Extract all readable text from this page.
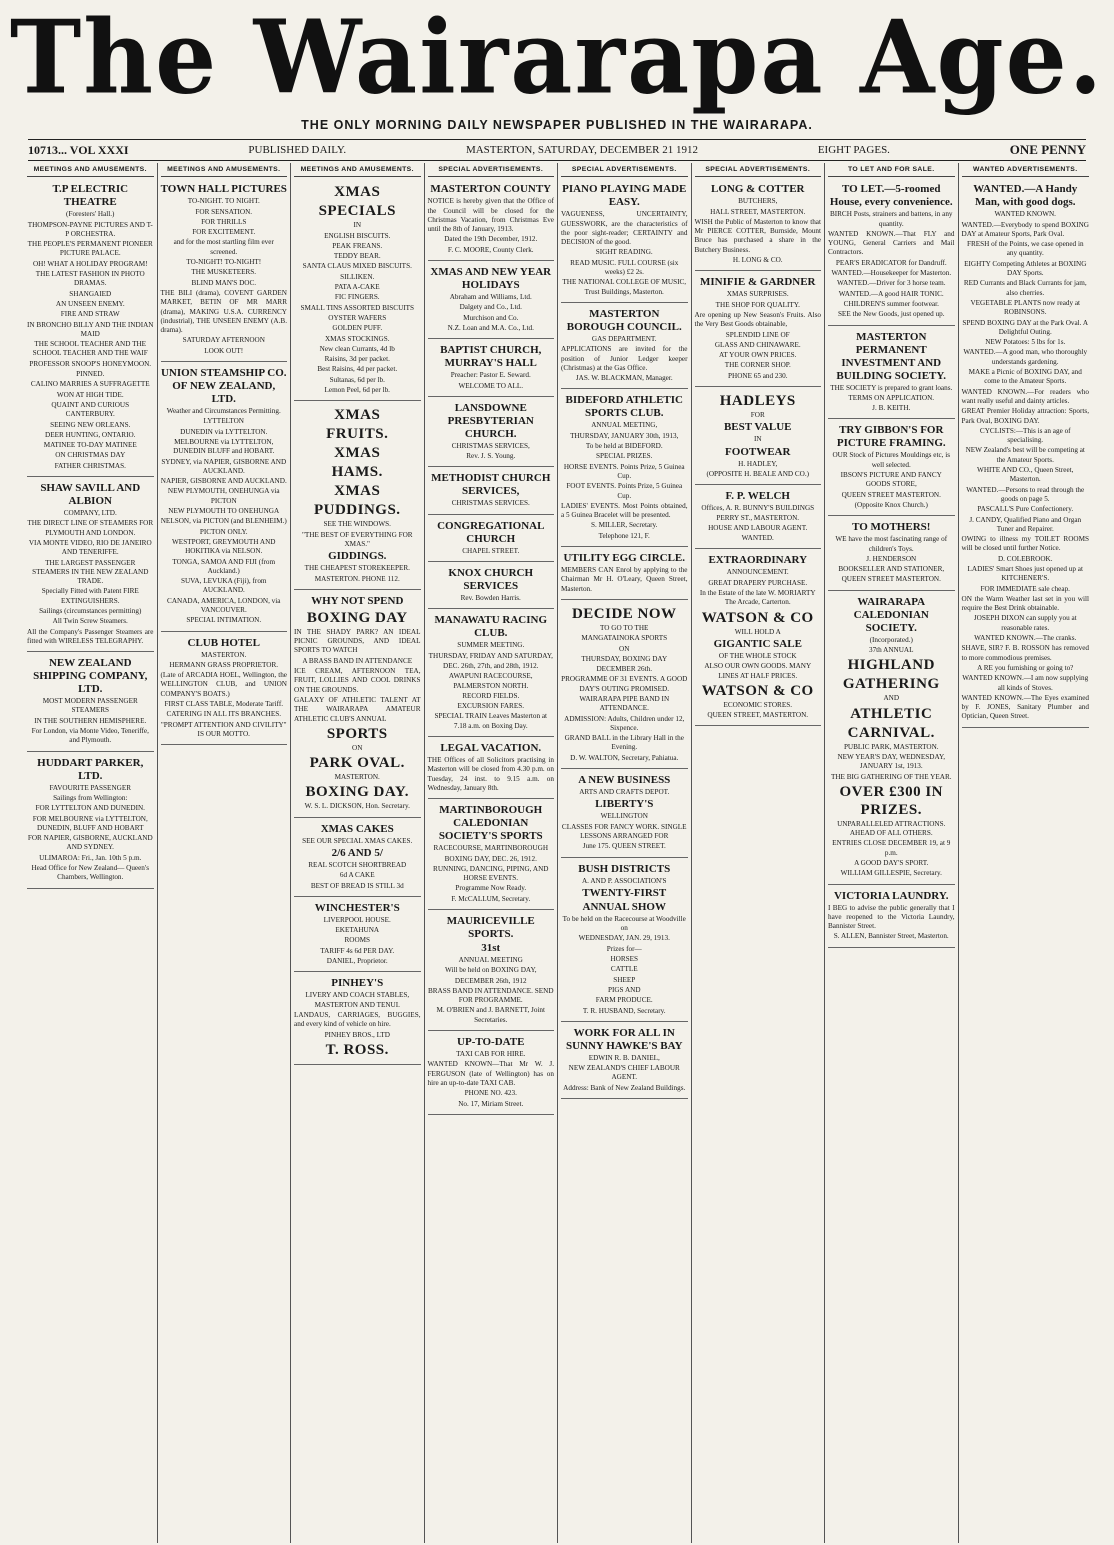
The Wairarapa Age.
THE ONLY MORNING DAILY NEWSPAPER PUBLISHED IN THE WAIRARAPA.
10713... VOL XXXI	PUBLISHED DAILY.	MASTERTON, SATURDAY, DECEMBER 21 1912	EIGHT PAGES.	ONE PENNY
MEETINGS AND AMUSEMENTS.

T.P ELECTRIC THEATRE

(Foresters' Hall.)

THOMPSON-PAYNE PICTURES AND T-P ORCHESTRA.

THE PEOPLE'S PERMANENT PIONEER PICTURE PALACE.

OH! WHAT A HOLIDAY PROGRAM!

THE LATEST FASHION IN PHOTO DRAMAS.

SHANGAIED

AN UNSEEN ENEMY.

FIRE AND STRAW

IN BRONCHO BILLY AND THE INDIAN MAID

THE SCHOOL TEACHER AND THE SCHOOL TEACHER AND THE WAIF

PROFESSOR SNOOP'S HONEYMOON.

PINNED.

CALINO MARRIES A SUFFRAGETTE

WON AT HIGH TIDE.

QUAINT AND CURIOUS CANTERBURY.

SEEING NEW ORLEANS.

DEER HUNTING, ONTARIO.

MATINEE TO-DAY MATINEE

ON CHRISTMAS DAY

FATHER CHRISTMAS.

SHAW SAVILL AND ALBION

COMPANY, LTD.

THE DIRECT LINE OF STEAMERS FOR PLYMOUTH AND LONDON.

VIA MONTE VIDEO, RIO DE JANEIRO AND TENERIFFE.

THE LARGEST PASSENGER STEAMERS IN THE NEW ZEALAND TRADE.

Specially Fitted with Patent FIRE EXTINGUISHERS.

Sailings (circumstances permitting)

All Twin Screw Steamers.

All the Company's Passenger Steamers are fitted with WIRELESS TELEGRAPHY.

NEW ZEALAND SHIPPING COMPANY, LTD.

MOST MODERN PASSENGER STEAMERS

IN THE SOUTHERN HEMISPHERE.

For London, via Monte Video, Teneriffe, and Plymouth.

HUDDART PARKER, LTD.

FAVOURITE PASSENGER

Sailings from Wellington:

FOR LYTTELTON AND DUNEDIN.

FOR MELBOURNE via LYTTELTON, DUNEDIN, BLUFF AND HOBART

FOR NAPIER, GISBORNE, AUCKLAND AND SYDNEY.

ULIMAROA: Fri., Jan. 10th 5 p.m.

Head Office for New Zealand— Queen's Chambers, Wellington.

MEETINGS AND AMUSEMENTS.

TOWN HALL PICTURES

TO-NIGHT. TO NIGHT.

FOR SENSATION.

FOR THRILLS

FOR EXCITEMENT.

and for the most startling film ever screened.

TO-NIGHT! TO-NIGHT!

THE MUSKETEERS.

BLIND MAN'S DOC.

THE BILI (drama), COVENT GARDEN MARKET, BETIN OF MR MARR (drama), MAKING U.S.A. CURRENCY (industrial), THE UNSEEN ENEMY (A.B. drama).

SATURDAY AFTERNOON

LOOK OUT!

UNION STEAMSHIP CO. OF NEW ZEALAND, LTD.

Weather and Circumstances Permitting.

LYTTELTON

DUNEDIN via LYTTELTON.

MELBOURNE via LYTTELTON, DUNEDIN BLUFF and HOBART.

SYDNEY, via NAPIER, GISBORNE AND AUCKLAND.

NAPIER, GISBORNE AND AUCKLAND.

NEW PLYMOUTH, ONEHUNGA via PICTON

NEW PLYMOUTH TO ONEHUNGA

NELSON, via PICTON (and BLENHEIM.)

PICTON ONLY.

WESTPORT, GREYMOUTH AND HOKITIKA via NELSON.

TONGA, SAMOA AND FIJI (from Auckland.)

SUVA, LEVUKA (Fiji), from AUCKLAND.

CANADA, AMERICA, LONDON, via VANCOUVER.

SPECIAL INTIMATION.

CLUB HOTEL

MASTERTON.

HERMANN GRASS PROPRIETOR.

(Late of ARCADIA HOEL, Wellington, the WELLINGTON CLUB, and UNION COMPANY'S BOATS.)

FIRST CLASS TABLE, Moderate Tariff.

CATERING IN ALL ITS BRANCHES.

"PROMPT ATTENTION AND CIVILITY" IS OUR MOTTO.

MEETINGS AND AMUSEMENTS.

XMAS

SPECIALS

IN

ENGLISH BISCUITS.

PEAK FREANS.

TEDDY BEAR.

SANTA CLAUS MIXED BISCUITS.

SILLIKEN.

PATA A-CAKE

FIC FINGERS.

SMALL TINS ASSORTED BISCUITS

OYSTER WAFERS

GOLDEN PUFF.

XMAS STOCKINGS.

New clean Currants, 4d lb

Raisins, 3d per packet.

Best Raisins, 4d per packet.

Sultanas, 6d per lb.

Lemon Peel, 6d per lb.

XMAS

FRUITS.

XMAS

HAMS.

XMAS

PUDDINGS.

SEE THE WINDOWS.

"THE BEST OF EVERYTHING FOR XMAS."

GIDDINGS.

THE CHEAPEST STOREKEEPER.

MASTERTON. PHONE 112.

WHY NOT SPEND

BOXING DAY

IN THE SHADY PARK? AN IDEAL PICNIC GROUNDS, AND IDEAL SPORTS TO WATCH

A BRASS BAND IN ATTENDANCE

ICE CREAM, AFTERNOON TEA, FRUIT, LOLLIES AND COOL DRINKS ON THE GROUNDS.

GALAXY OF ATHLETIC TALENT AT THE WAIRARAPA AMATEUR ATHLETIC CLUB'S ANNUAL

SPORTS

ON

PARK OVAL.

MASTERTON.

BOXING DAY.

W. S. L. DICKSON, Hon. Secretary.

XMAS CAKES

SEE OUR SPECIAL XMAS CAKES.

2/6 AND 5/

REAL SCOTCH SHORTBREAD

6d A CAKE

BEST OF BREAD IS STILL 3d

WINCHESTER'S

LIVERPOOL HOUSE.

EKETAHUNA

ROOMS

TARIFF 4s 6d PER DAY.

DANIEL, Proprietor.

PINHEY'S

LIVERY AND COACH STABLES, MASTERTON AND TENUI.

LANDAUS, CARRIAGES, BUGGIES, and every kind of vehicle on hire.

PINHEY BROS., LTD

T. ROSS.

SPECIAL ADVERTISEMENTS.

MASTERTON COUNTY

NOTICE is hereby given that the Office of the Council will be closed for the Christmas Vacation, from Christmas Eve until the 8th of January, 1913.

Dated the 19th December, 1912.

F. C. MOORE, County Clerk.

XMAS AND NEW YEAR HOLIDAYS

Abraham and Williams, Ltd.

Dalgety and Co., Ltd.

Murchison and Co.

N.Z. Loan and M.A. Co., Ltd.

BAPTIST CHURCH, MURRAY'S HALL

Preacher: Pastor E. Seward.

WELCOME TO ALL.

LANSDOWNE PRESBYTERIAN CHURCH.

CHRISTMAS SERVICES,

Rev. J. S. Young.

METHODIST CHURCH SERVICES,

CHRISTMAS SERVICES.

CONGREGATIONAL CHURCH

CHAPEL STREET.

KNOX CHURCH SERVICES

Rev. Bowden Harris.

MANAWATU RACING CLUB.

SUMMER MEETING.

THURSDAY, FRIDAY AND SATURDAY,

DEC. 26th, 27th, and 28th, 1912.

AWAPUNI RACECOURSE, PALMERSTON NORTH.

RECORD FIELDS.

EXCURSION FARES.

SPECIAL TRAIN Leaves Masterton at 7.18 a.m. on Boxing Day.

LEGAL VACATION.

THE Offices of all Solicitors practising in Masterton will be closed from 4.30 p.m. on Tuesday, 24 inst. to 9.15 a.m. on Wednesday, January 8th.

MARTINBOROUGH CALEDONIAN SOCIETY'S SPORTS

RACECOURSE, MARTINBOROUGH

BOXING DAY, DEC. 26, 1912.

RUNNING, DANCING, PIPING, AND HORSE EVENTS.

Programme Now Ready.

F. McCALLUM, Secretary.

MAURICEVILLE SPORTS.

31st

ANNUAL MEETING

Will be held on BOXING DAY,

DECEMBER 26th, 1912

BRASS BAND IN ATTENDANCE. SEND FOR PROGRAMME.

M. O'BRIEN and J. BARNETT, Joint Secretaries.

UP-TO-DATE

TAXI CAB FOR HIRE.

WANTED KNOWN—That Mr W. J. FERGUSON (late of Wellington) has on hire an up-to-date TAXI CAB.

PHONE NO. 423.

No. 17, Miriam Street.

SPECIAL ADVERTISEMENTS.

PIANO PLAYING MADE EASY.

VAGUENESS, UNCERTAINTY, GUESSWORK, are the characteristics of the poor sight-reader; CERTAINTY and DECISION of the good.

SIGHT READING.

READ MUSIC. FULL COURSE (six weeks) £2 2s.

THE NATIONAL COLLEGE OF MUSIC, Trust Buildings, Masterton.

MASTERTON BOROUGH COUNCIL.

GAS DEPARTMENT.

APPLICATIONS are invited for the position of Junior Ledger keeper (Christmas) at the Gas Office.

JAS. W. BLACKMAN, Manager.

BIDEFORD ATHLETIC SPORTS CLUB.

ANNUAL MEETING,

THURSDAY, JANUARY 30th, 1913,

To be held at BIDEFORD.

SPECIAL PRIZES.

HORSE EVENTS. Points Prize, 5 Guinea Cup.

FOOT EVENTS. Points Prize, 5 Guinea Cup.

LADIES' EVENTS. Most Points obtained, a 5 Guinea Bracelet will be presented.

S. MILLER, Secretary.

Telephone 121, F.

UTILITY EGG CIRCLE.

MEMBERS CAN Enrol by applying to the Chairman Mr H. O'Leary, Queen Street, Masterton.

DECIDE NOW

TO GO TO THE

MANGATAINOKA SPORTS

ON

THURSDAY, BOXING DAY

DECEMBER 26th.

PROGRAMME OF 31 EVENTS. A GOOD DAY'S OUTING PROMISED.

WAIRARAPA PIPE BAND IN ATTENDANCE.

ADMISSION: Adults, Children under 12, Sixpence.

GRAND BALL in the Library Hall in the Evening.

D. W. WALTON, Secretary, Pahiatua.

A NEW BUSINESS

ARTS AND CRAFTS DEPOT.

LIBERTY'S

WELLINGTON

CLASSES FOR FANCY WORK. SINGLE LESSONS ARRANGED FOR

June 175. QUEEN STREET.

BUSH DISTRICTS

A. AND P. ASSOCIATION'S

TWENTY-FIRST

ANNUAL SHOW

To be held on the Racecourse at Woodville on

WEDNESDAY, JAN. 29, 1913.

Prizes for—

HORSES

CATTLE

SHEEP

PIGS AND

FARM PRODUCE.

T. R. HUSBAND, Secretary.

WORK FOR ALL IN SUNNY HAWKE'S BAY

EDWIN R. B. DANIEL,

NEW ZEALAND'S CHIEF LABOUR AGENT.

Address: Bank of New Zealand Buildings.

SPECIAL ADVERTISEMENTS.

LONG & COTTER

BUTCHERS,

HALL STREET, MASTERTON.

WISH the Public of Masterton to know that Mr PIERCE COTTER, Burnside, Mount Bruce has purchased a share in the Butchery Business.

H. LONG & CO.

MINIFIE & GARDNER

XMAS SURPRISES.

THE SHOP FOR QUALITY.

Are opening up New Season's Fruits. Also the Very Best Goods obtainable,

SPLENDID LINE OF

GLASS AND CHINAWARE.

AT YOUR OWN PRICES.

THE CORNER SHOP.

PHONE 65 and 230.

HADLEYS

FOR

BEST VALUE

IN

FOOTWEAR

H. HADLEY,

(OPPOSITE H. BEALE AND CO.)

F. P. WELCH

Offices, A. R. BUNNY'S BUILDINGS PERRY ST., MASTERTON.

HOUSE AND LABOUR AGENT.

WANTED.

EXTRAORDINARY

ANNOUNCEMENT.

GREAT DRAPERY PURCHASE.

In the Estate of the late W. MORIARTY The Arcade, Carterton.

WATSON & CO

WILL HOLD A

GIGANTIC SALE

OF THE WHOLE STOCK

ALSO OUR OWN GOODS. MANY LINES AT HALF PRICES.

WATSON & CO

ECONOMIC STORES.

QUEEN STREET, MASTERTON.

TO LET AND FOR SALE.

TO LET.—5-roomed House, every convenience.

BIRCH Posts, strainers and battens, in any quantity.

WANTED KNOWN.—That FLY and YOUNG, General Carriers and Mail Contractors.

PEAR'S ERADICATOR for Dandruff.

WANTED.—Housekeeper for Masterton.

WANTED.—Driver for 3 horse team.

WANTED.—A good HAIR TONIC.

CHILDREN'S summer footwear.

SEE the New Goods, just opened up.

MASTERTON PERMANENT INVESTMENT AND BUILDING SOCIETY.

THE SOCIETY is prepared to grant loans.

TERMS ON APPLICATION.

J. B. KEITH.

TRY GIBBON'S FOR PICTURE FRAMING.

OUR Stock of Pictures Mouldings etc, is well selected.

IBSON'S PICTURE AND FANCY GOODS STORE,

QUEEN STREET MASTERTON.

(Opposite Knox Church.)

TO MOTHERS!

WE have the most fascinating range of children's Toys.

J. HENDERSON

BOOKSELLER AND STATIONER,

QUEEN STREET MASTERTON.

WAIRARAPA CALEDONIAN SOCIETY.

(Incorporated.)

37th ANNUAL

HIGHLAND

GATHERING

AND

ATHLETIC

CARNIVAL.

PUBLIC PARK, MASTERTON.

NEW YEAR'S DAY, WEDNESDAY, JANUARY 1st, 1913.

THE BIG GATHERING OF THE YEAR.

OVER £300 IN PRIZES.

UNPARALLELED ATTRACTIONS. AHEAD OF ALL OTHERS.

ENTRIES CLOSE DECEMBER 19, at 9 p.m.

A GOOD DAY'S SPORT.

WILLIAM GILLESPIE, Secretary.

VICTORIA LAUNDRY.

I BEG to advise the public generally that I have reopened to the Victoria Laundry, Bannister Street.

S. ALLEN, Bannister Street, Masterton.

WANTED ADVERTISEMENTS.

WANTED.—A Handy Man, with good dogs.

WANTED KNOWN.

WANTED.—Everybody to spend BOXING DAY at Amateur Sports, Park Oval.

FRESH of the Points, we case opened in any quantity.

EIGHTY Competing Athletes at BOXING DAY Sports.

RED Currants and Black Currants for jam, also cherries.

VEGETABLE PLANTS now ready at ROBINSONS.

SPEND BOXING DAY at the Park Oval. A Delightful Outing.

NEW Potatoes: 5 lbs for 1s.

WANTED.—A good man, who thoroughly understands gardening.

MAKE a Picnic of BOXING DAY, and come to the Amateur Sports.

WANTED KNOWN.—For readers who want really useful and dainty articles.

GREAT Premier Holiday attraction: Sports, Park Oval, BOXING DAY.

CYCLISTS:—This is an age of specialising.

NEW Zealand's best will be competing at the Amateur Sports.

WHITE AND CO., Queen Street, Masterton.

WANTED.—Persons to read through the goods on page 5.

PASCALL'S Pure Confectionery.

J. CANDY, Qualified Piano and Organ Tuner and Repairer.

OWING to illness my TOILET ROOMS will be closed until further Notice.

D. COLEBROOK.

LADIES' Smart Shoes just opened up at KITCHENER'S.

FOR IMMEDIATE sale cheap.

ON the Warm Weather last set in you will require the Best Drink obtainable.

JOSEPH DIXON can supply you at reasonable rates.

WANTED KNOWN.—The cranks.

SHAVE, SIR? F. B. ROSSON has removed to more commodious premises.

A RE you furnishing or going to?

WANTED KNOWN.—I am now supplying all kinds of Stoves.

WANTED KNOWN.—The Eyes examined by F. JONES, Sanitary Plumber and Optician, Queen Street.
